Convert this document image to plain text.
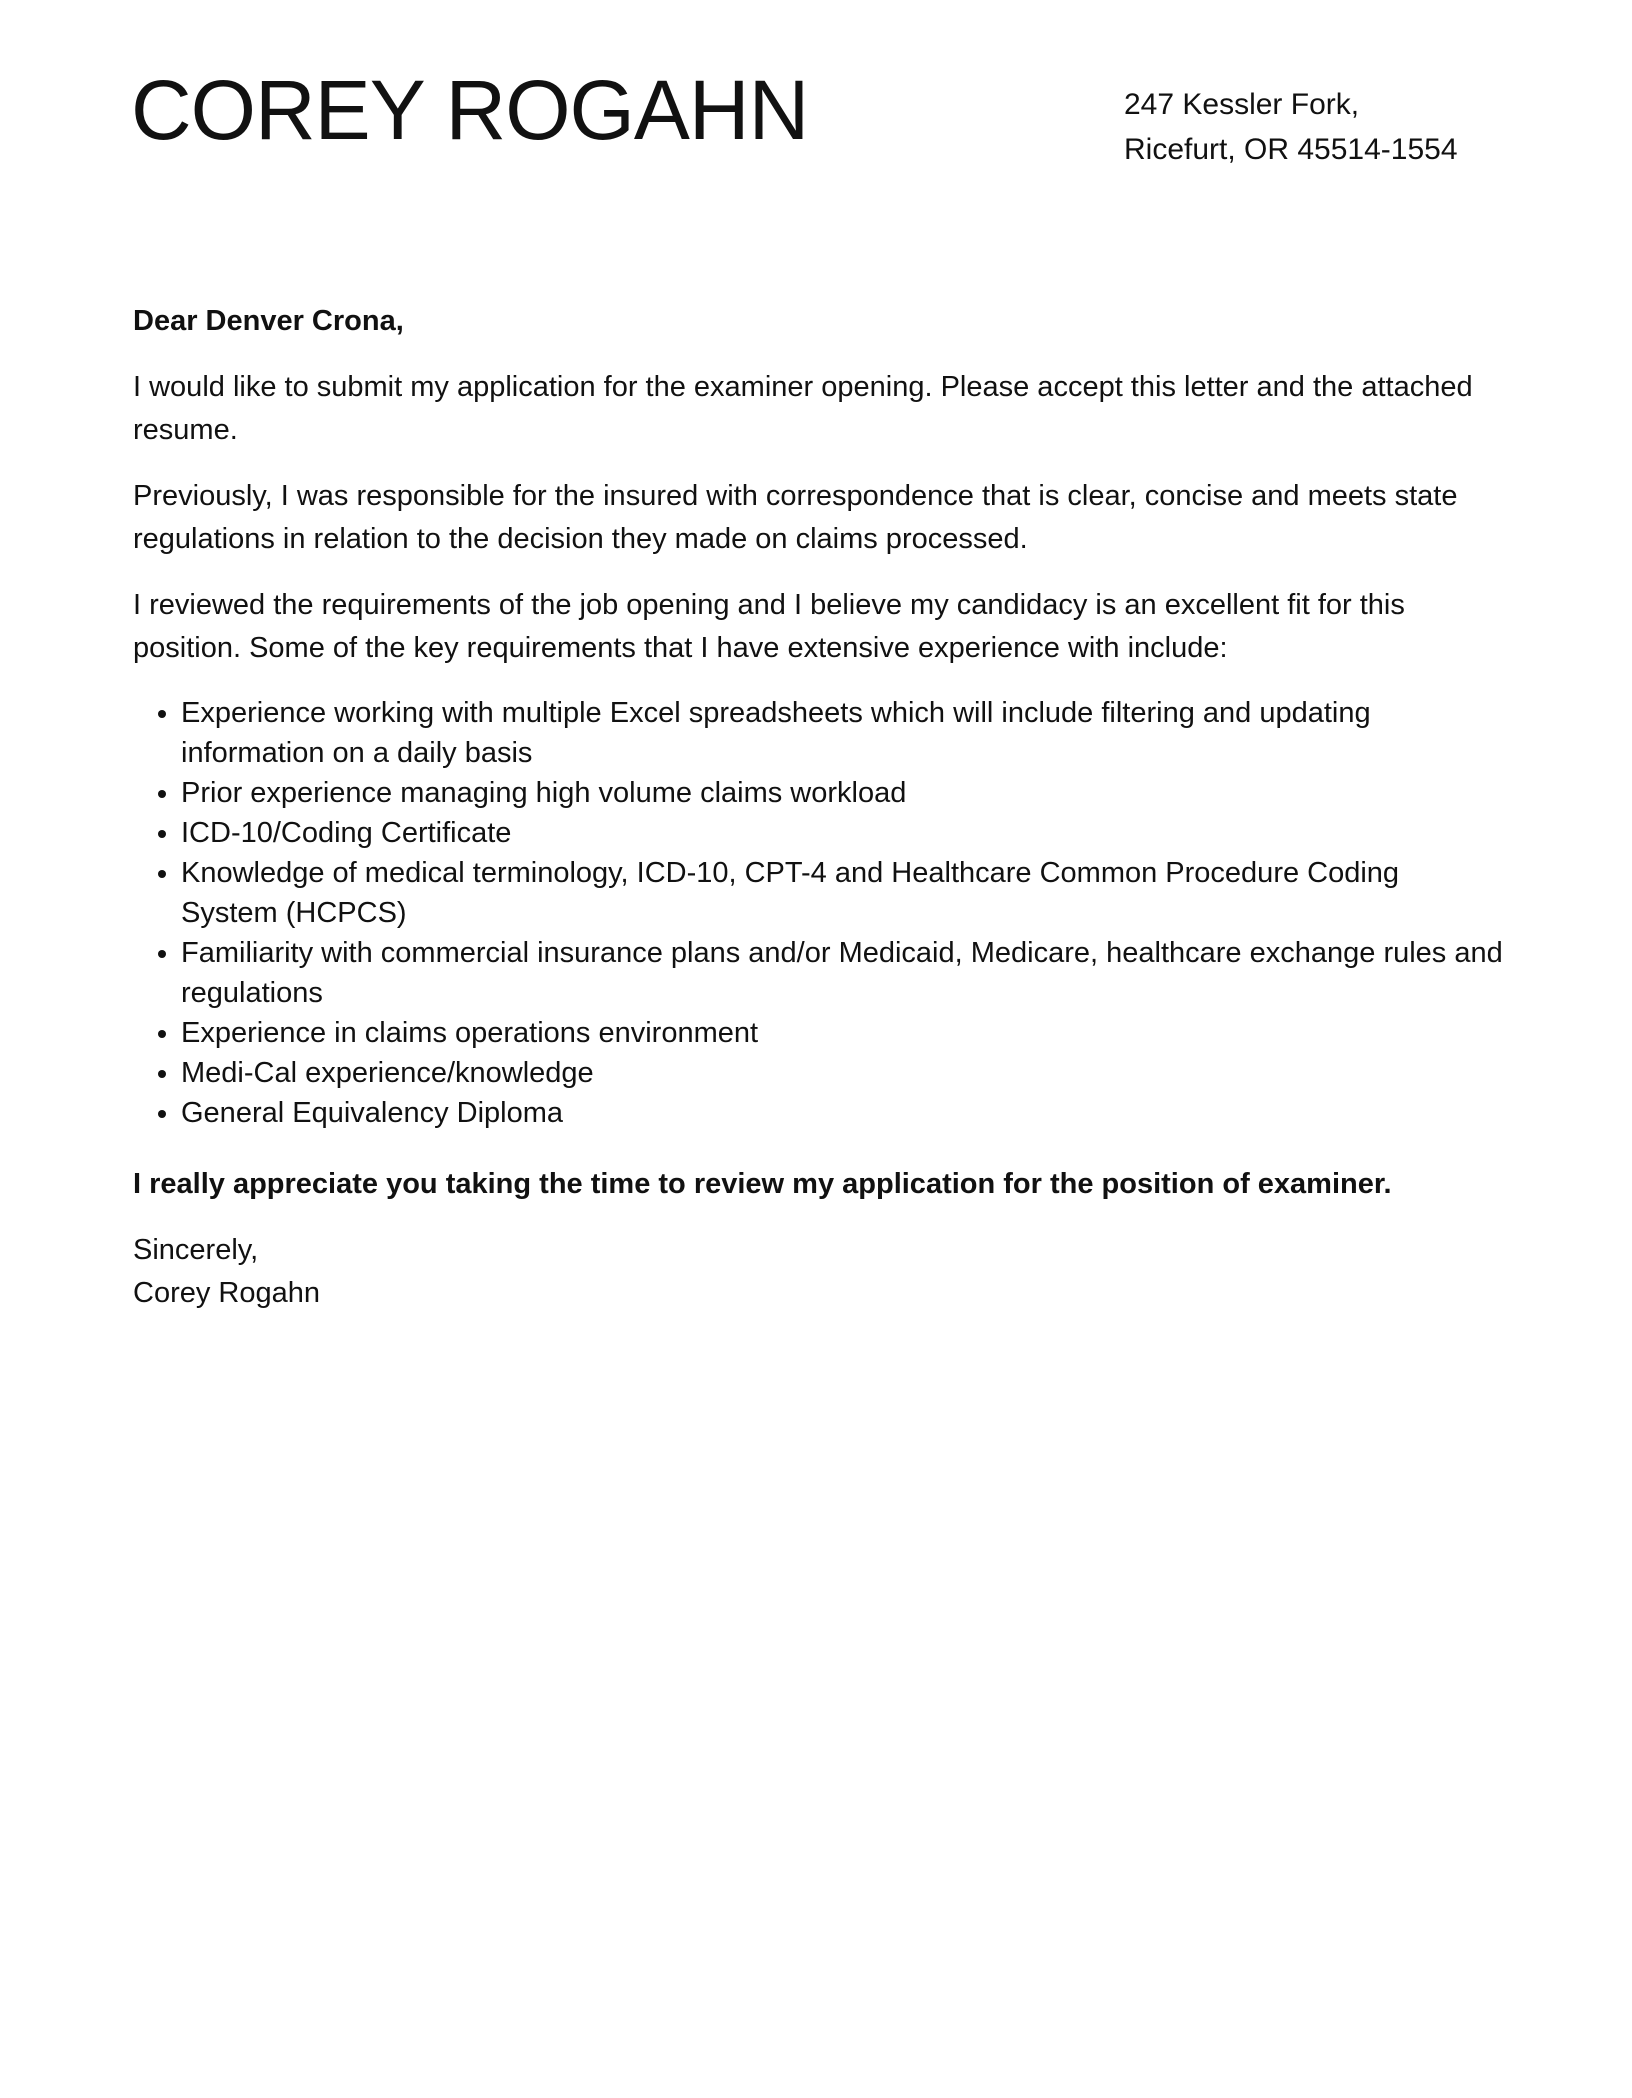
COREY ROGAHN	247 Kessler Fork,
Ricefurt, OR 45514-1554

Dear Denver Crona,

I would like to submit my application for the examiner opening. Please accept this letter and the attached resume.

Previously, I was responsible for the insured with correspondence that is clear, concise and meets state regulations in relation to the decision they made on claims processed.

I reviewed the requirements of the job opening and I believe my candidacy is an excellent fit for this position. Some of the key requirements that I have extensive experience with include:

• Experience working with multiple Excel spreadsheets which will include filtering and updating information on a daily basis
• Prior experience managing high volume claims workload
• ICD-10/Coding Certificate
• Knowledge of medical terminology, ICD-10, CPT-4 and Healthcare Common Procedure Coding System (HCPCS)
• Familiarity with commercial insurance plans and/or Medicaid, Medicare, healthcare exchange rules and regulations
• Experience in claims operations environment
• Medi-Cal experience/knowledge
• General Equivalency Diploma

I really appreciate you taking the time to review my application for the position of examiner.

Sincerely,
Corey Rogahn
